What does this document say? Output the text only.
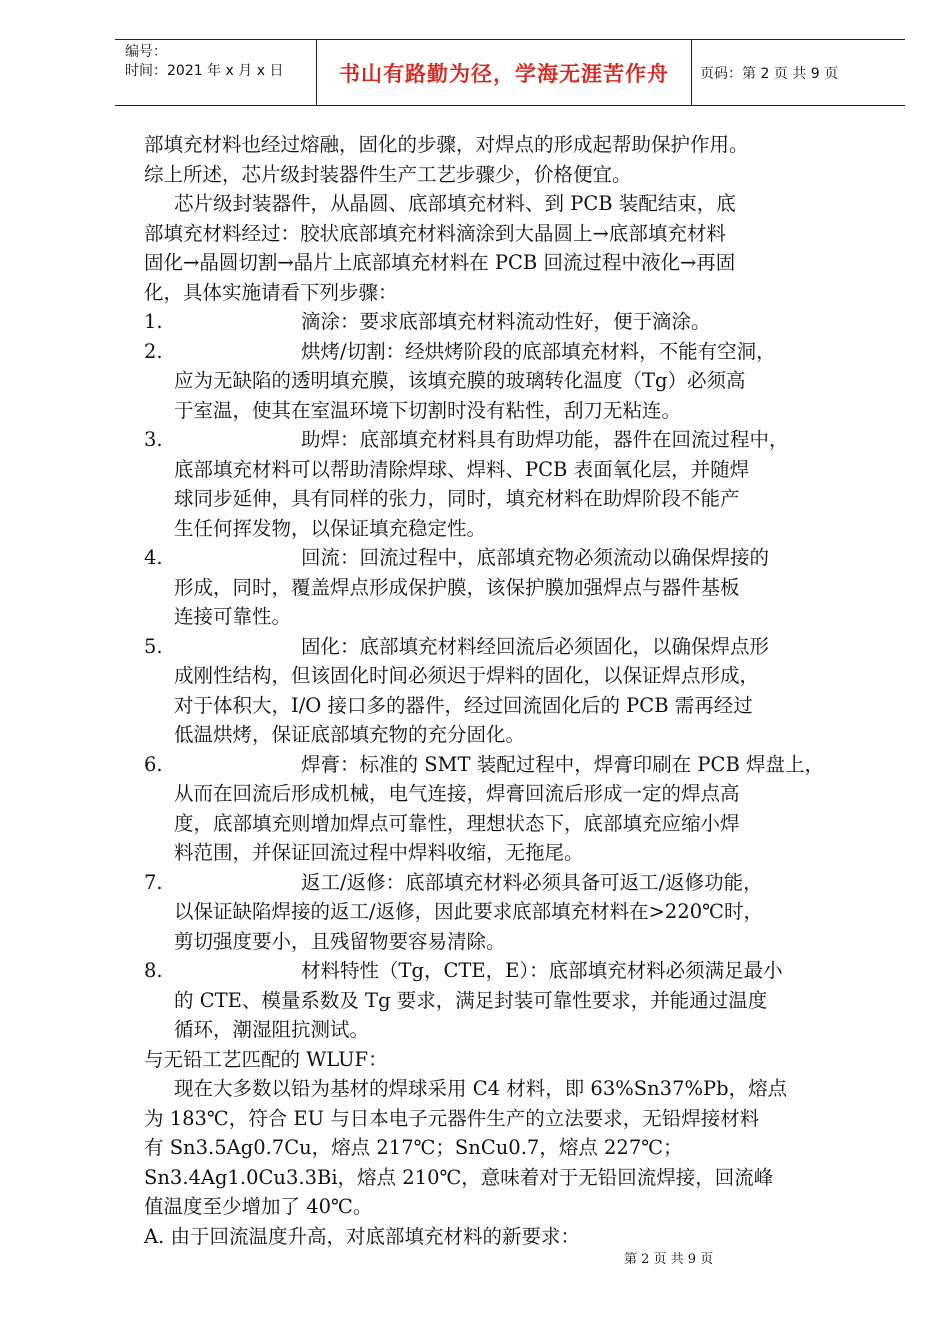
编号：
时间：2021 年 x 月 x 日	书山有路勤为径，学海无涯苦作舟 页码：第 2 页 共 9 页
部填充材料也经过熔融，固化的步骤，对焊点的形成起帮助保护作用。
综上所述，芯片级封装器件生产工艺步骤少，价格便宜。
芯片级封装器件，从晶圆、底部填充材料、到 PCB 装配结束，底
部填充材料经过：胶状底部填充材料滴涂到大晶圆上→底部填充材料
固化→晶圆切割→晶片上底部填充材料在 PCB 回流过程中液化→再固
化，具体实施请看下列步骤：
1.	滴涂：要求底部填充材料流动性好，便于滴涂。
2.	烘烤/切割：经烘烤阶段的底部填充材料，不能有空洞，
应为无缺陷的透明填充膜，该填充膜的玻璃转化温度（Tg）必须高
于室温，使其在室温环境下切割时没有粘性，刮刀无粘连。
3.	助焊：底部填充材料具有助焊功能，器件在回流过程中，
底部填充材料可以帮助清除焊球、焊料、PCB 表面氧化层，并随焊
球同步延伸，具有同样的张力，同时，填充材料在助焊阶段不能产
生任何挥发物，以保证填充稳定性。
4.	回流：回流过程中，底部填充物必须流动以确保焊接的
形成，同时，覆盖焊点形成保护膜，该保护膜加强焊点与器件基板
连接可靠性。
5.	固化：底部填充材料经回流后必须固化，以确保焊点形
成刚性结构，但该固化时间必须迟于焊料的固化，以保证焊点形成，
对于体积大，I/O 接口多的器件，经过回流固化后的 PCB 需再经过
低温烘烤，保证底部填充物的充分固化。
6.	焊膏：标准的 SMT 装配过程中，焊膏印刷在 PCB 焊盘上，
从而在回流后形成机械，电气连接，焊膏回流后形成一定的焊点高
度，底部填充则增加焊点可靠性，理想状态下，底部填充应缩小焊
料范围，并保证回流过程中焊料收缩，无拖尾。
7.	返工/返修：底部填充材料必须具备可返工/返修功能，
以保证缺陷焊接的返工/返修，因此要求底部填充材料在>220℃时，
剪切强度要小，且残留物要容易清除。
8.	材料特性（Tg，CTE，E）：底部填充材料必须满足最小
的 CTE、模量系数及 Tg 要求，满足封装可靠性要求，并能通过温度
循环，潮湿阻抗测试。
与无铅工艺匹配的 WLUF：
现在大多数以铅为基材的焊球采用 C4 材料，即 63%Sn37%Pb，熔点
为 183℃，符合 EU 与日本电子元器件生产的立法要求，无铅焊接材料
有 Sn3.5Ag0.7Cu，熔点 217℃；SnCu0.7，熔点 227℃；
Sn3.4Ag1.0Cu3.3Bi，熔点 210℃，意味着对于无铅回流焊接，回流峰
值温度至少增加了 40℃。
A. 由于回流温度升高，对底部填充材料的新要求：
第 2 页 共 9 页
